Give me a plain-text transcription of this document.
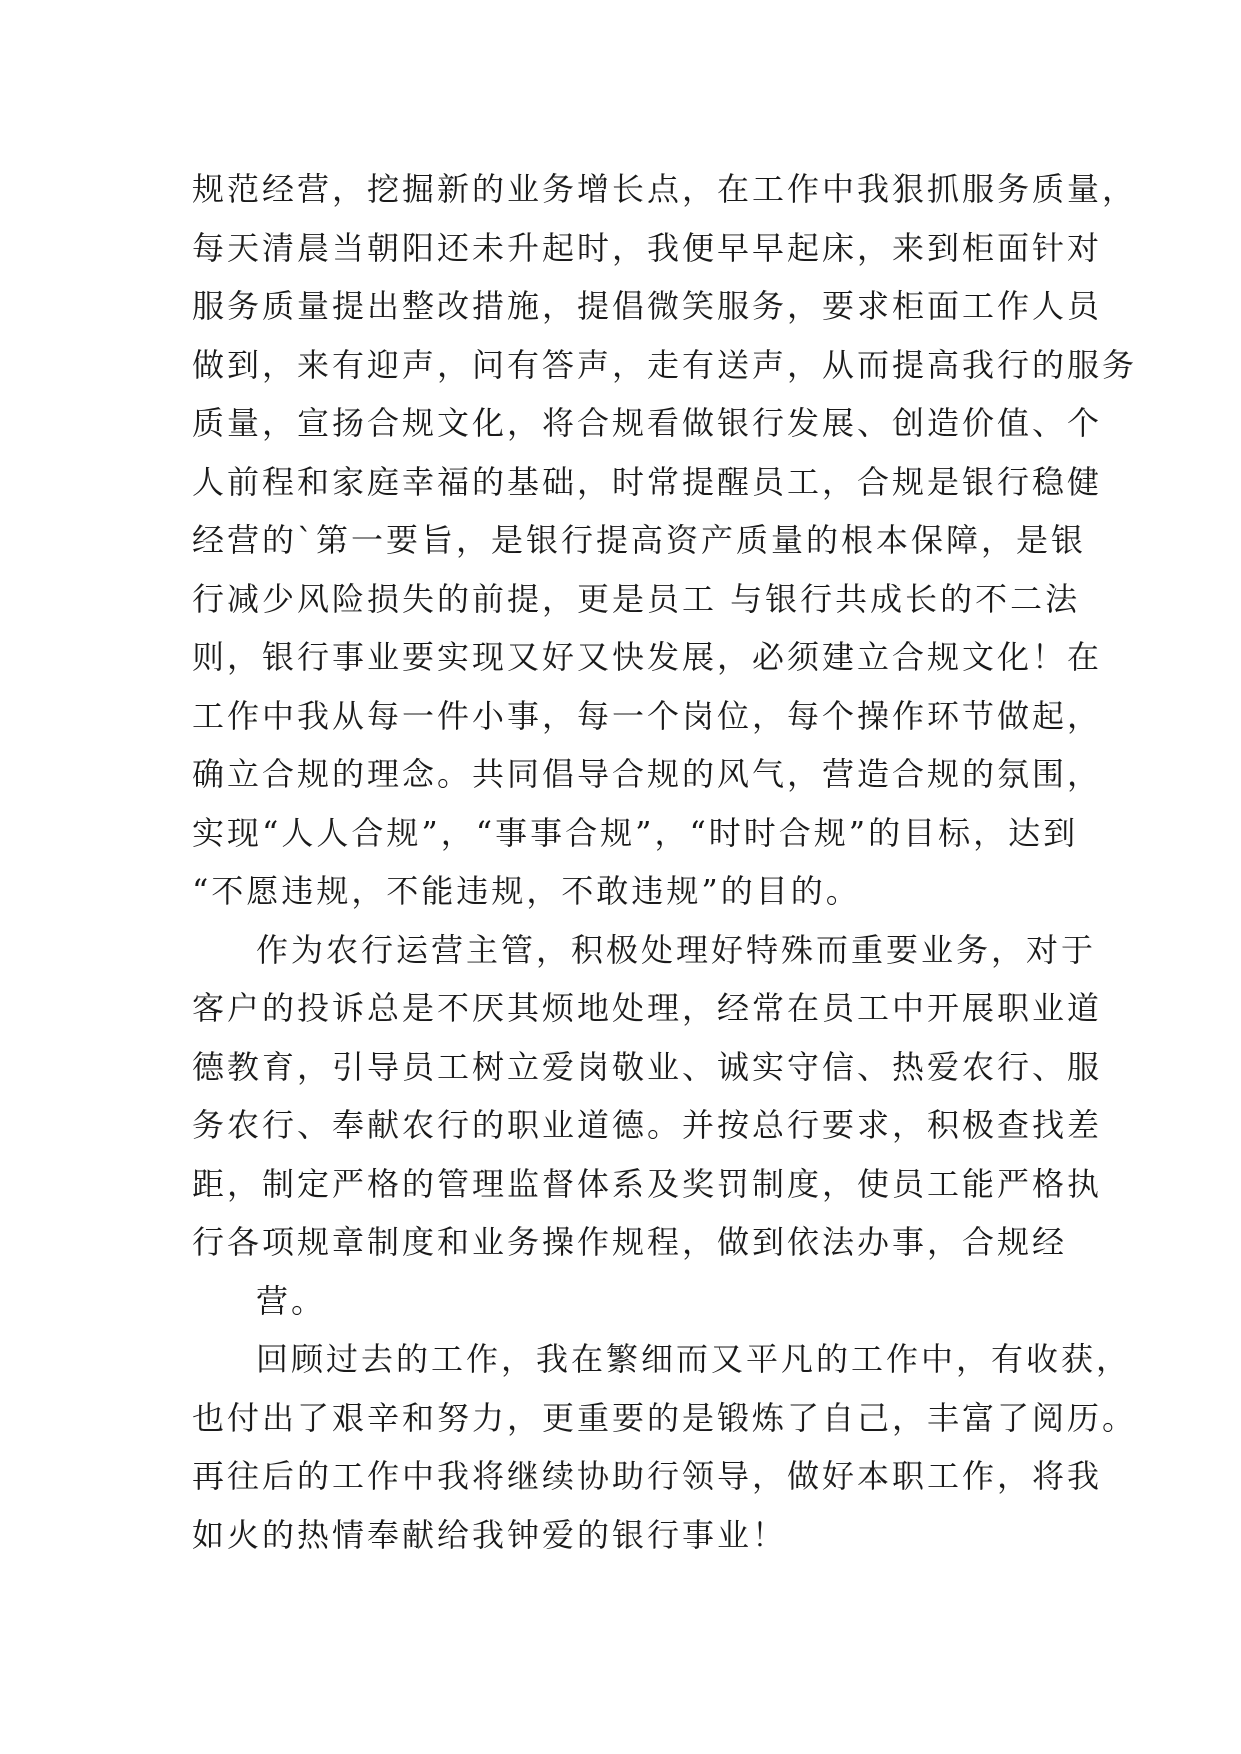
规范经营，挖掘新的业务增长点，在工作中我狠抓服务质量，
每天清晨当朝阳还未升起时，我便早早起床，来到柜面针对
服务质量提出整改措施，提倡微笑服务，要求柜面工作人员
做到，来有迎声，问有答声，走有送声，从而提高我行的服务
质量，宣扬合规文化，将合规看做银行发展、创造价值、个
人前程和家庭幸福的基础，时常提醒员工，合规是银行稳健
经营的`第一要旨，是银行提高资产质量的根本保障，是银
行减少风险损失的前提，更是员工 与银行共成长的不二法
则，银行事业要实现又好又快发展，必须建立合规文化！在
工作中我从每一件小事，每一个岗位，每个操作环节做起，
确立合规的理念。共同倡导合规的风气，营造合规的氛围，
实现“人人合规”，“事事合规”，“时时合规”的目标，达到
“不愿违规，不能违规，不敢违规”的目的。
作为农行运营主管，积极处理好特殊而重要业务，对于
客户的投诉总是不厌其烦地处理，经常在员工中开展职业道
德教育，引导员工树立爱岗敬业、诚实守信、热爱农行、服
务农行、奉献农行的职业道德。并按总行要求，积极查找差
距，制定严格的管理监督体系及奖罚制度，使员工能严格执
行各项规章制度和业务操作规程，做到依法办事，合规经
营。
回顾过去的工作，我在繁细而又平凡的工作中，有收获，
也付出了艰辛和努力，更重要的是锻炼了自己，丰富了阅历。
再往后的工作中我将继续协助行领导，做好本职工作，将我
如火的热情奉献给我钟爱的银行事业！
